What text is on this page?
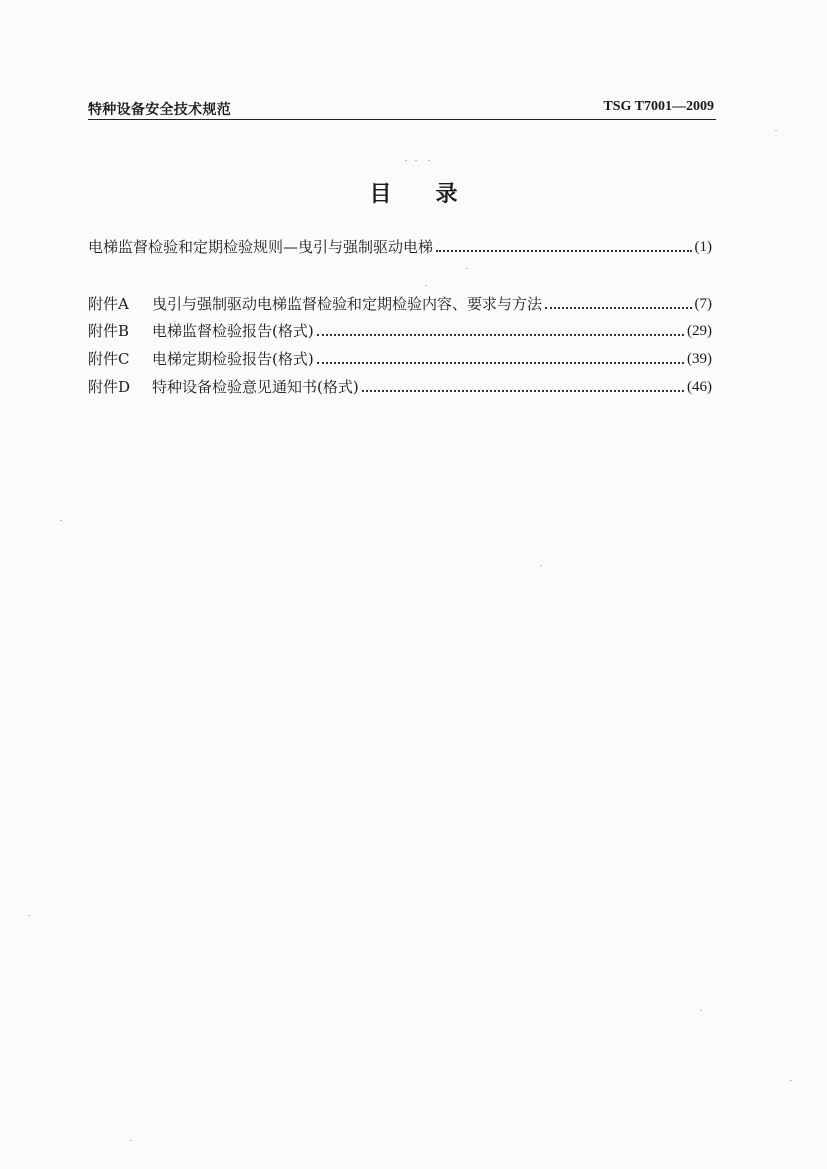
特种设备安全技术规范	TSG T7001—2009
目录
电梯监督检验和定期检验规则—曳引与强制驱动电梯	(1)
附件A	曳引与强制驱动电梯监督检验和定期检验内容、要求与方法	(7)
附件B	电梯监督检验报告(格式)	(29)
附件C	电梯定期检验报告(格式)	(39)
附件D	特种设备检验意见通知书(格式)	(46)
